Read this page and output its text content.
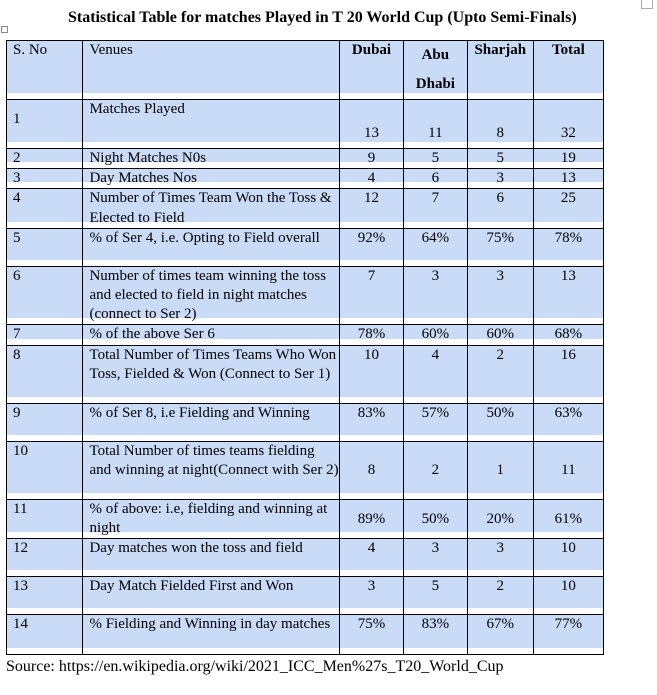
Statistical Table for matches Played in T 20 World Cup (Upto Semi-Finals)
S. No	Venues	Dubai	Abu Dhabi	Sharjah	Total
1	Matches Played	13	11	8	32
2	Night Matches N0s	9	5	5	19
3	Day Matches Nos	4	6	3	13
4	Number of Times Team Won the Toss & Elected to Field	12	7	6	25
5	% of Ser 4, i.e. Opting to Field overall	92%	64%	75%	78%
6	Number of times team winning the toss and elected to field in night matches (connect to Ser 2)	7	3	3	13
7	% of the above Ser 6	78%	60%	60%	68%
8	Total Number of Times Teams Who Won Toss, Fielded & Won (Connect to Ser 1)	10	4	2	16
9	% of Ser 8, i.e Fielding and Winning	83%	57%	50%	63%
10	Total Number of times teams fielding and winning at night(Connect with Ser 2)	8	2	1	11
11	% of above: i.e, fielding and winning at night	89%	50%	20%	61%
12	Day matches won the toss and field	4	3	3	10
13	Day Match Fielded First and Won	3	5	2	10
14	% Fielding and Winning in day matches	75%	83%	67%	77%
Source: https://en.wikipedia.org/wiki/2021_ICC_Men%27s_T20_World_Cup
